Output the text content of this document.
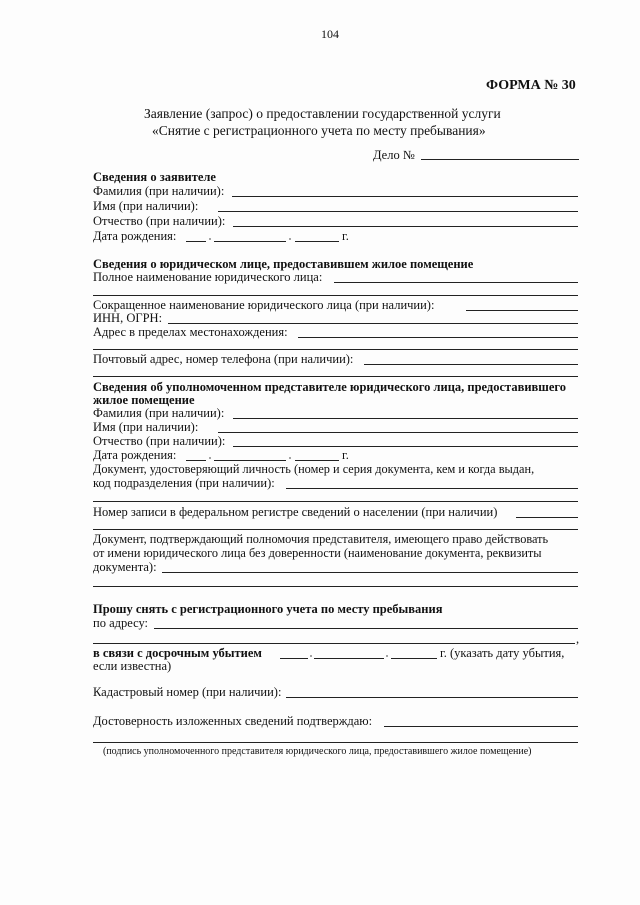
104
ФОРМА № 30
Заявление (запрос) о предоставлении государственной услуги
«Снятие с регистрационного учета по месту пребывания»
Дело №
Сведения о заявителе
Фамилия (при наличии):
Имя (при наличии):
Отчество (при наличии):
Дата рождения:	г.
Сведения о юридическом лице, предоставившем жилое помещение
Полное наименование юридического лица:
Сокращенное наименование юридического лица (при наличии):
ИНН, ОГРН:
Адрес в пределах местонахождения:
Почтовый адрес, номер телефона (при наличии):
Сведения об уполномоченном представителе юридического лица, предоставившего
жилое помещение
Фамилия (при наличии):
Имя (при наличии):
Отчество (при наличии):
Дата рождения:	г.
Документ, удостоверяющий личность (номер и серия документа, кем и когда выдан,
код подразделения (при наличии):
Номер записи в федеральном регистре сведений о населении (при наличии)
Документ, подтверждающий полномочия представителя, имеющего право действовать
от имени юридического лица без доверенности (наименование документа, реквизиты
документа):
Прошу снять с регистрационного учета по месту пребывания
по адресу:
,
в связи с досрочным убытием	г. (указать дату убытия,
если известна)
Кадастровый номер (при наличии):
Достоверность изложенных сведений подтверждаю:
(подпись уполномоченного представителя юридического лица, предоставившего жилое помещение)
